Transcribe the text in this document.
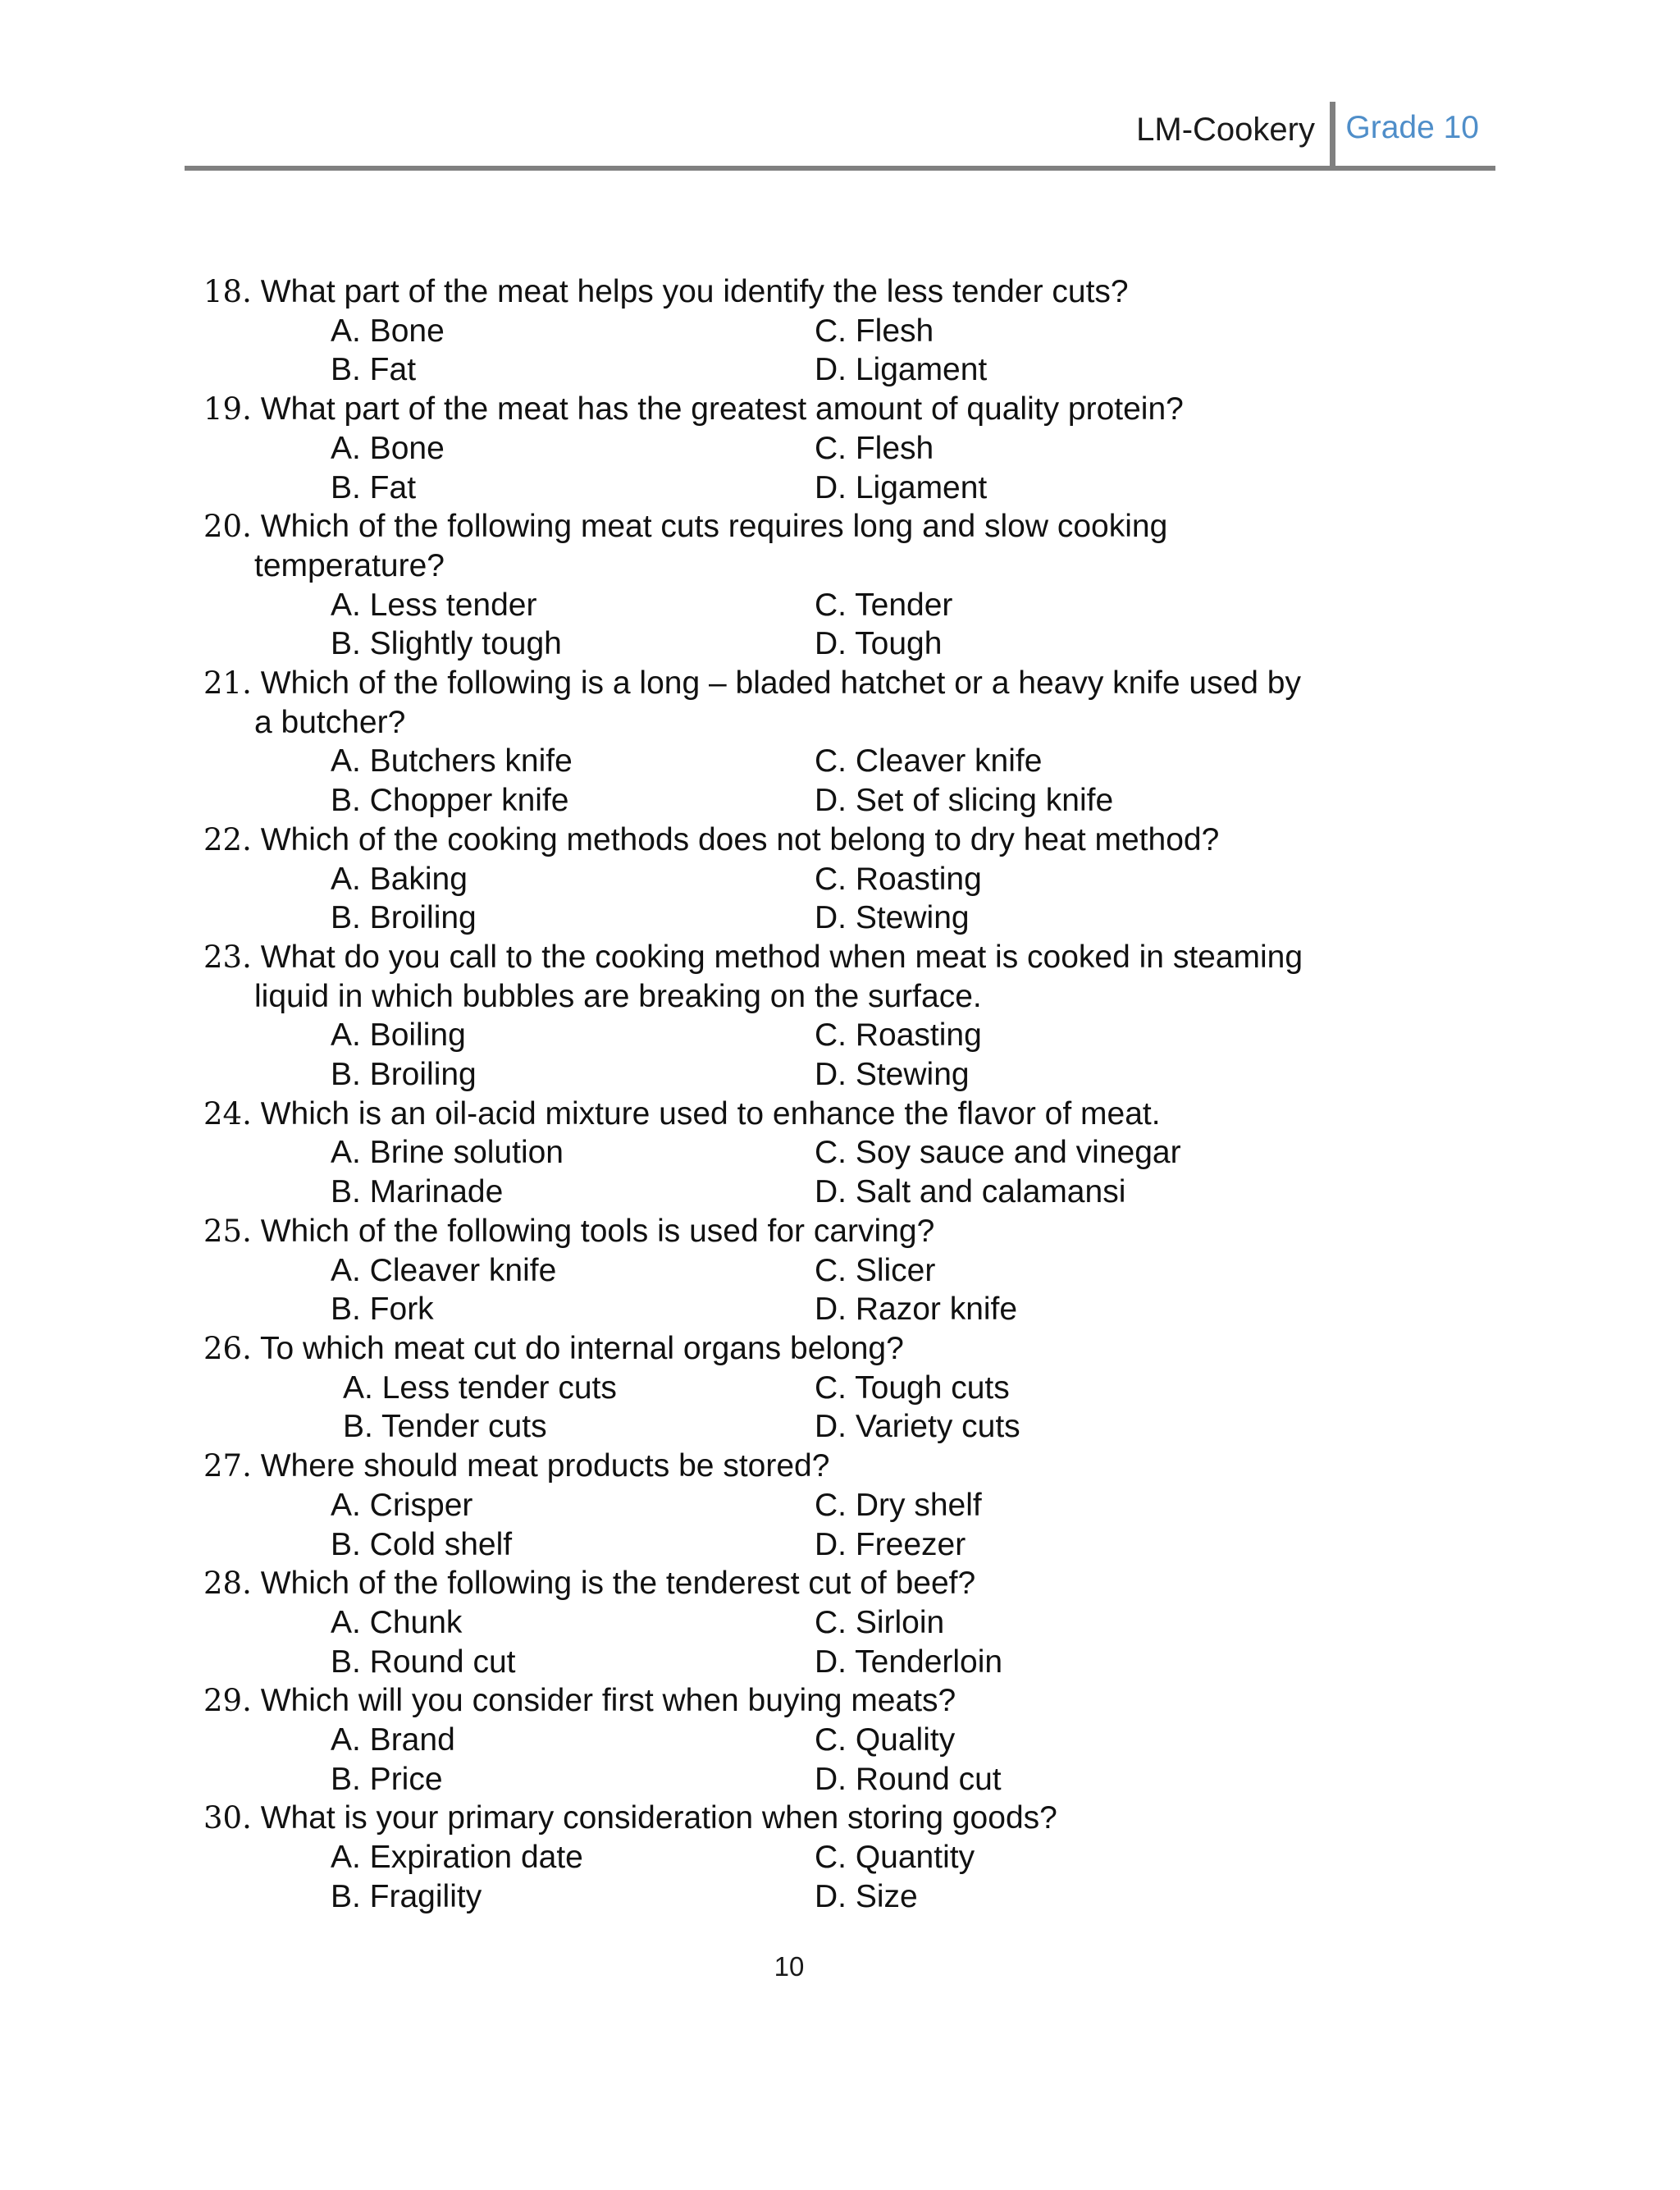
LM-Cookery Grade 10
18. What part of the meat helps you identify the less tender cuts?
A. Bone	C. Flesh
B. Fat	D. Ligament
19. What part of the meat has the greatest amount of quality protein?
A. Bone	C. Flesh
B. Fat	D. Ligament
20. Which of the following meat cuts requires long and slow cooking
temperature?
A. Less tender	C. Tender
B. Slightly tough	D. Tough
21. Which of the following is a long – bladed hatchet or a heavy knife used by
a butcher?
A. Butchers knife	C. Cleaver knife
B. Chopper knife	D. Set of slicing knife
22. Which of the cooking methods does not belong to dry heat method?
A. Baking	C. Roasting
B. Broiling	D. Stewing
23. What do you call to the cooking method when meat is cooked in steaming
liquid in which bubbles are breaking on the surface.
A. Boiling	C. Roasting
B. Broiling	D. Stewing
24. Which is an oil-acid mixture used to enhance the flavor of meat.
A. Brine solution	C. Soy sauce and vinegar
B. Marinade	D. Salt and calamansi
25. Which of the following tools is used for carving?
A. Cleaver knife	C. Slicer
B. Fork	D. Razor knife
26. To which meat cut do internal organs belong?
A. Less tender cuts	C. Tough cuts
B. Tender cuts	D. Variety cuts
27. Where should meat products be stored?
A. Crisper	C. Dry shelf
B. Cold shelf	D. Freezer
28. Which of the following is the tenderest cut of beef?
A. Chunk	C. Sirloin
B. Round cut	D. Tenderloin
29. Which will you consider first when buying meats?
A. Brand	C. Quality
B. Price	D. Round cut
30. What is your primary consideration when storing goods?
A. Expiration date	C. Quantity
B. Fragility	D. Size
10
